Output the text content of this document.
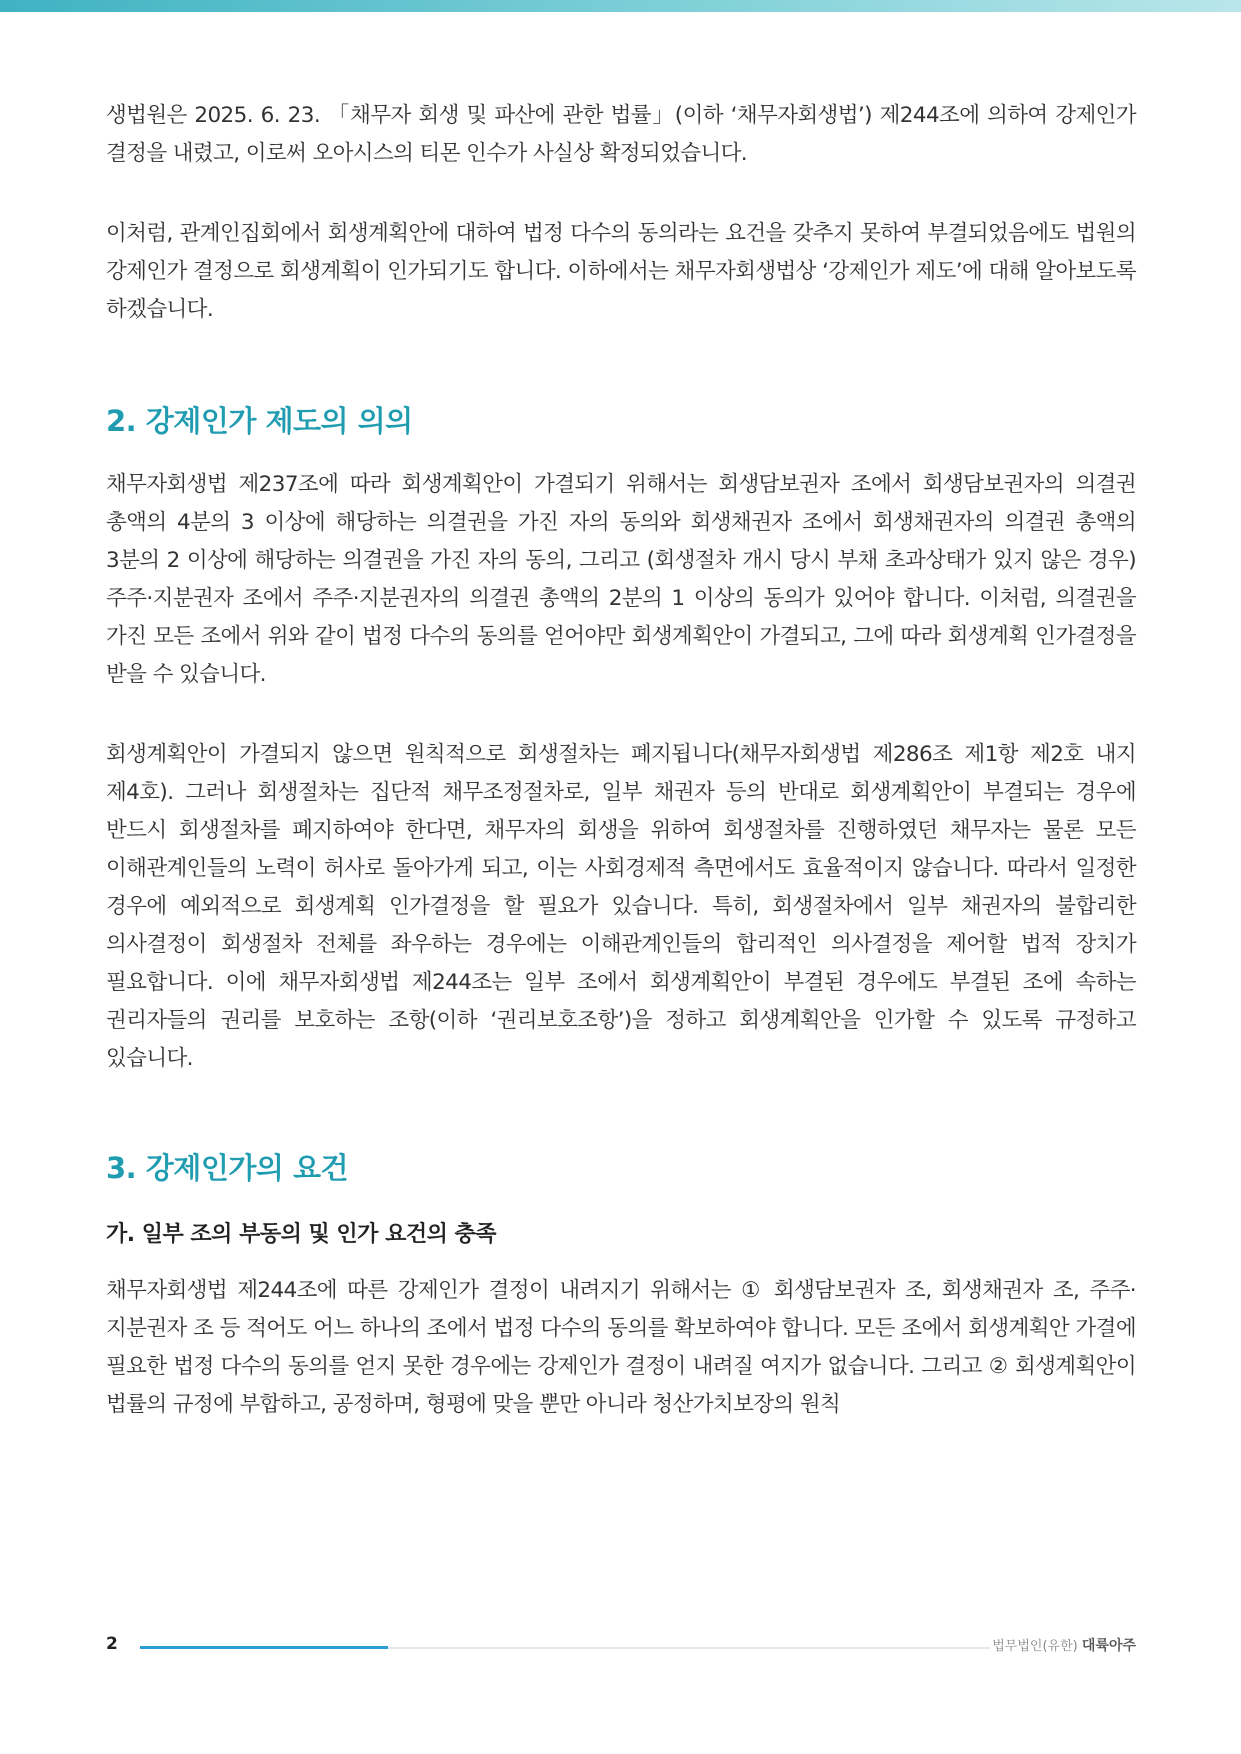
생법원은 2025. 6. 23. 「채무자 회생 및 파산에 관한 법률」(이하 ‘채무자회생법’) 제244조에 의하여 강제인가 결정을 내렸고, 이로써 오아시스의 티몬 인수가 사실상 확정되었습니다.

이처럼, 관계인집회에서 회생계획안에 대하여 법정 다수의 동의라는 요건을 갖추지 못하여 부결되었음에도 법원의 강제인가 결정으로 회생계획이 인가되기도 합니다. 이하에서는 채무자회생법상 ‘강제인가 제도’에 대해 알아보도록 하겠습니다.

2. 강제인가 제도의 의의

채무자회생법 제237조에 따라 회생계획안이 가결되기 위해서는 회생담보권자 조에서 회생담보권자의 의결권 총액의 4분의 3 이상에 해당하는 의결권을 가진 자의 동의와 회생채권자 조에서 회생채권자의 의결권 총액의 3분의 2 이상에 해당하는 의결권을 가진 자의 동의, 그리고 (회생절차 개시 당시 부채 초과상태가 있지 않은 경우) 주주·지분권자 조에서 주주·지분권자의 의결권 총액의 2분의 1 이상의 동의가 있어야 합니다. 이처럼, 의결권을 가진 모든 조에서 위와 같이 법정 다수의 동의를 얻어야만 회생계획안이 가결되고, 그에 따라 회생계획 인가결정을 받을 수 있습니다.

회생계획안이 가결되지 않으면 원칙적으로 회생절차는 폐지됩니다(채무자회생법 제286조 제1항 제2호 내지 제4호). 그러나 회생절차는 집단적 채무조정절차로, 일부 채권자 등의 반대로 회생계획안이 부결되는 경우에 반드시 회생절차를 폐지하여야 한다면, 채무자의 회생을 위하여 회생절차를 진행하였던 채무자는 물론 모든 이해관계인들의 노력이 허사로 돌아가게 되고, 이는 사회경제적 측면에서도 효율적이지 않습니다. 따라서 일정한 경우에 예외적으로 회생계획 인가결정을 할 필요가 있습니다. 특히, 회생절차에서 일부 채권자의 불합리한 의사결정이 회생절차 전체를 좌우하는 경우에는 이해관계인들의 합리적인 의사결정을 제어할 법적 장치가 필요합니다. 이에 채무자회생법 제244조는 일부 조에서 회생계획안이 부결된 경우에도 부결된 조에 속하는 권리자들의 권리를 보호하는 조항(이하 ‘권리보호조항’)을 정하고 회생계획안을 인가할 수 있도록 규정하고 있습니다.

3. 강제인가의 요건
가. 일부 조의 부동의 및 인가 요건의 충족

채무자회생법 제244조에 따른 강제인가 결정이 내려지기 위해서는 ① 회생담보권자 조, 회생채권자 조, 주주·지분권자 조 등 적어도 어느 하나의 조에서 법정 다수의 동의를 확보하여야 합니다. 모든 조에서 회생계획안 가결에 필요한 법정 다수의 동의를 얻지 못한 경우에는 강제인가 결정이 내려질 여지가 없습니다. 그리고 ② 회생계획안이 법률의 규정에 부합하고, 공정하며, 형평에 맞을 뿐만 아니라 청산가치보장의 원칙

2	법무법인(유한) 대륙아주
